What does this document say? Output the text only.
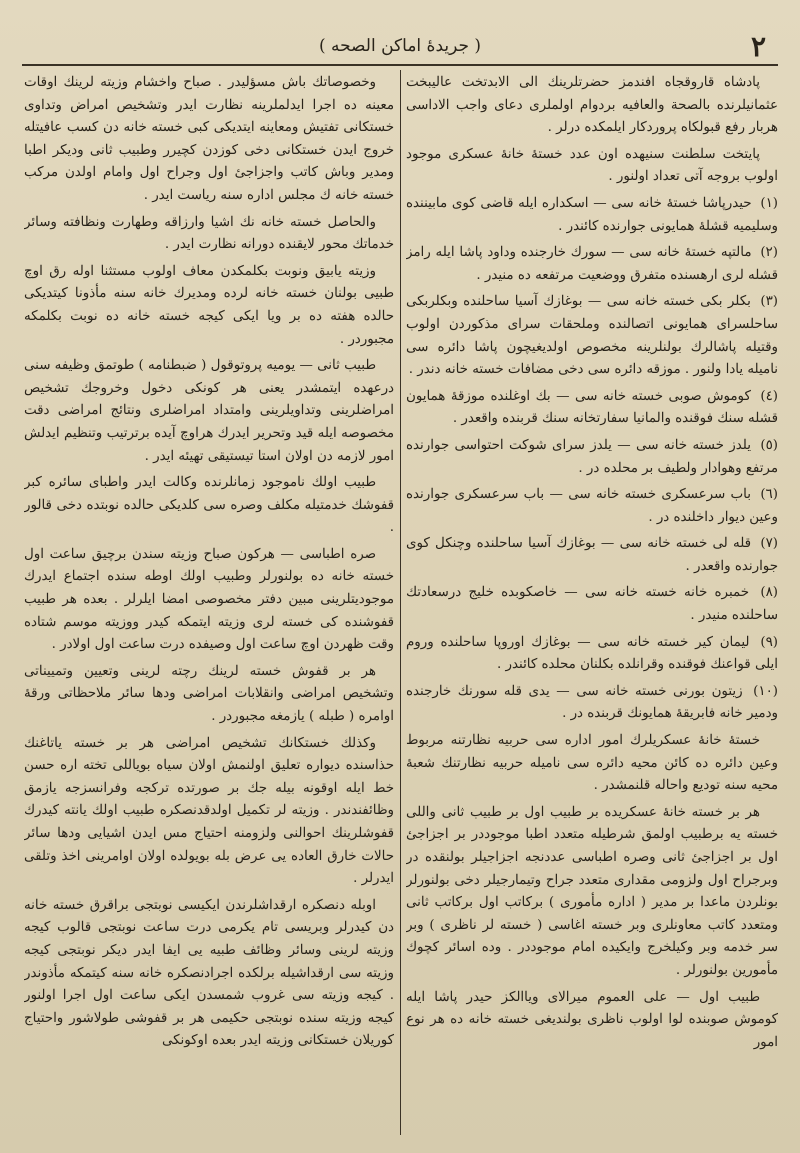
۲
( جريدهٔ اماكن الصحه )

پادشاه قاروقجاه افندمز حضرتلرينك الى الابدتخت عاليبخت عثمانيلرنده بالصحة والعافيه بردوام اولملرى دعاى واجب الاداسى هربار رفع قبولكاه پروردكار ايلمكده درلر .

پايتخت سلطنت سنيهده اون عدد خستهٔ خانهٔ عسكرى موجود اولوب بروجه آتى تعداد اولنور .

(۱) حيدرپاشا خستهٔ خانه سى — اسكداره ايله قاضى كوى مابيننده وسليميه قشلهٔ همايونى جوارنده كائندر .

(۲) مالتپه خستهٔ خانه سى — سورك خارجنده وداود پاشا ايله رامز قشله لرى ارهسنده متفرق ووضعيت مرتفعه ده منيدر .

(۳) بكلر بكى خسته خانه سى — بوغازك آسيا ساحلنده وبكلربكى ساحلسراى همايونى اتصالنده وملحقات سراى مذكوردن اولوب وقتيله پاشالرك بولنلرينه مخصوص اولديغيچون پاشا دائره سى ناميله يادا ولنور . موزقه دائره سى دخى مضافات خسته خانه دندر .

(٤) كوموش صوبى خسته خانه سى — بك اوغلنده موزقهٔ همايون قشله سنك فوقنده والمانيا سفارتخانه سنك قربنده واقعدر .

(٥) يلدز خسته خانه سى — يلدز سراى شوكت احتواسى جوارنده مرتفع وهوادار ولطيف بر محلده در .

(٦) باب سرعسكرى خسته خانه سى — باب سرعسكرى جوارنده وعين ديوار داخلنده در .

(۷) قله لى خسته خانه سى — بوغازك آسيا ساحلنده وچنكل كوى جوارنده واقعدر .

(۸) خمبره خانه خسته خانه سى — خاصكوبده خليج درسعادتك ساحلنده منيدر .

(۹) ليمان كير خسته خانه سى — بوغازك اوروپا ساحلنده وروم ايلى قواعنك فوقنده وقرانلده بكلنان محلده كائندر .

(۱۰) زيتون بورنى خسته خانه سى — يدى قله سورنك خارجنده ودمير خانه فابريقهٔ همايونك قربنده در .

خستهٔ خانهٔ عسكريلرك امور اداره سى حربيه نظارتنه مربوط وعين دائره ده كائن محيه دائره سى ناميله حربيه نظارتنك شعبهٔ محيه سنه توديع واحاله قلنمشدر .

هر بر خسته خانهٔ عسكريده بر طبيب اول بر طبيب ثانى واللى خسته يه برطبيب اولمق شرطيله متعدد اطبا موجوددر بر اجزاجىٔ اول بر اجزاجىٔ ثانى وصره اطباسى عددنجه اجزاجيلر بولنقده در وبرجراح اول ولزومى مقدارى متعدد جراح وتيمارجيلر دخى بولنورلر بونلردن ماعدا بر مدير ( اداره مأمورى ) بركاتب اول بركاتب ثانى ومتعدد كاتب معاونلرى وبر خسته اغاسى ( خسته لر ناظرى ) وبر سر خدمه وبر وكيلخرج وايكيده امام موجوددر . وده اسائر كچوك مأمورين بولنورلر .

طبيب اول — على العموم ميرالاى وياالكز حيدر پاشا ايله كوموش صوبنده لوا اولوب ناظرى بولنديغى خسته خانه ده هر نوع امور

وخصوصاتك باش مسؤليدر . صباح واخشام وزيته لرينك اوقات معينه ده اجرا ايدلملرينه نظارت ايدر وتشخيص امراض وتداوى خستكانى تفتيش ومعاينه ايتديكى كبى خسته خانه دن كسب عافيتله خروج ايدن خستكانى دخى كوزدن كچيرر وطبيب ثانى وديكر اطبا ومدير وباش كاتب واجزاجىٔ اول وجراح اول وامام اولدن مركب خسته خانه ك مجلس اداره سنه رياست ايدر .

والحاصل خسته خانه نك اشيا وارزاقه وطهارت ونظافته وسائر خدماتك محور لايقنده دورانه نظارت ايدر .

وزيته يابيق ونوبت بكلمكدن معاف اولوب مستثنا اوله رق اوچ طبيى بولنان خسته خانه لرده ومديرك خانه سنه مأذونا كيتديكى حالده هفته ده بر ويا ايكى كيجه خسته خانه ده نوبت بكلمكه مجبوردر .

طبيب ثانى — يوميه پروتوقول ( ضبطنامه ) طوتمق وظيفه سنى درعهده ايتمشدر يعنى هر كونكى دخول وخروجك تشخيص امراضلرينى وتداويلرينى وامتداد امراضلرى ونتائج امراضى دقت مخصوصه ايله قيد وتحرير ايدرك هراوچ آيده برترتيب وتنظيم ايدلش امور لازمه دن اولان استا تيستيقى تهيئه ايدر .

طبيب اولك ناموجود زمانلرنده وكالت ايدر واطباى سائره كبر قفوشك خدمتيله مكلف وصره سى كلديكى حالده نوبتده دخى قالور .

صره اطباسى — هركون صباح وزيته سندن برچيق ساعت اول خسته خانه ده بولنورلر وطبيب اولك اوطه سنده اجتماع ايدرك موجوديتلرينى مبين دفتر مخصوصى امضا ايلرلر . بعده هر طبيب قفوشنده كى خسته لرى وزيته ايتمكه كيدر ووزيته موسم شتاده وقت ظهردن اوچ ساعت اول وصيفده درت ساعت اول اولادر .

هر بر قفوش خسته لرينك رچته لرينى وتعيين وتمييناتى وتشخيص امراضى وانقلابات امراضى ودها سائر ملاحظاتى ورقهٔ اوامره ( طبله ) يازمغه مجبوردر .

وكذلك خستكانك تشخيص امراضى هر بر خسته ياتاغنك حذاسنده ديواره تعليق اولنمش اولان سياه بوياللى تخته اره حسن خط ايله اوقونه بيله جك بر صورتده تركجه وفرانسزجه يازمق وظائفندندر . وزيته لر تكميل اولدقدنصكره طبيب اولك يانته كيدرك قفوشلرينك احوالنى ولزومنه احتياج مس ايدن اشيايى ودها سائر حالات خارق العاده يى عرض بله بويولده اولان اوامرينى اخذ وتلقى ايدرلر .

اوبله دنصكره ارقداشلرندن ايكيسى نوبتجى براقرق خسته خانه دن كيدرلر وبريسى تام يكرمى درت ساعت نوبتجى قالوب كيجه وزيته لرينى وسائر وظائف طبيه يى ايفا ايدر ديكر نوبتجى كيجه وزيته سى ارقداشيله برلكده اجرادنصكره خانه سنه كيتمكه مأذوندر . كيجه وزيته سى غروب شمسدن ايكى ساعت اول اجرا اولنور كيجه وزيته سنده نوبتجى حكيمى هر بر قفوشى طولاشور واحتياج كوريلان خستكانى وزيته ايدر بعده اوكونكى
